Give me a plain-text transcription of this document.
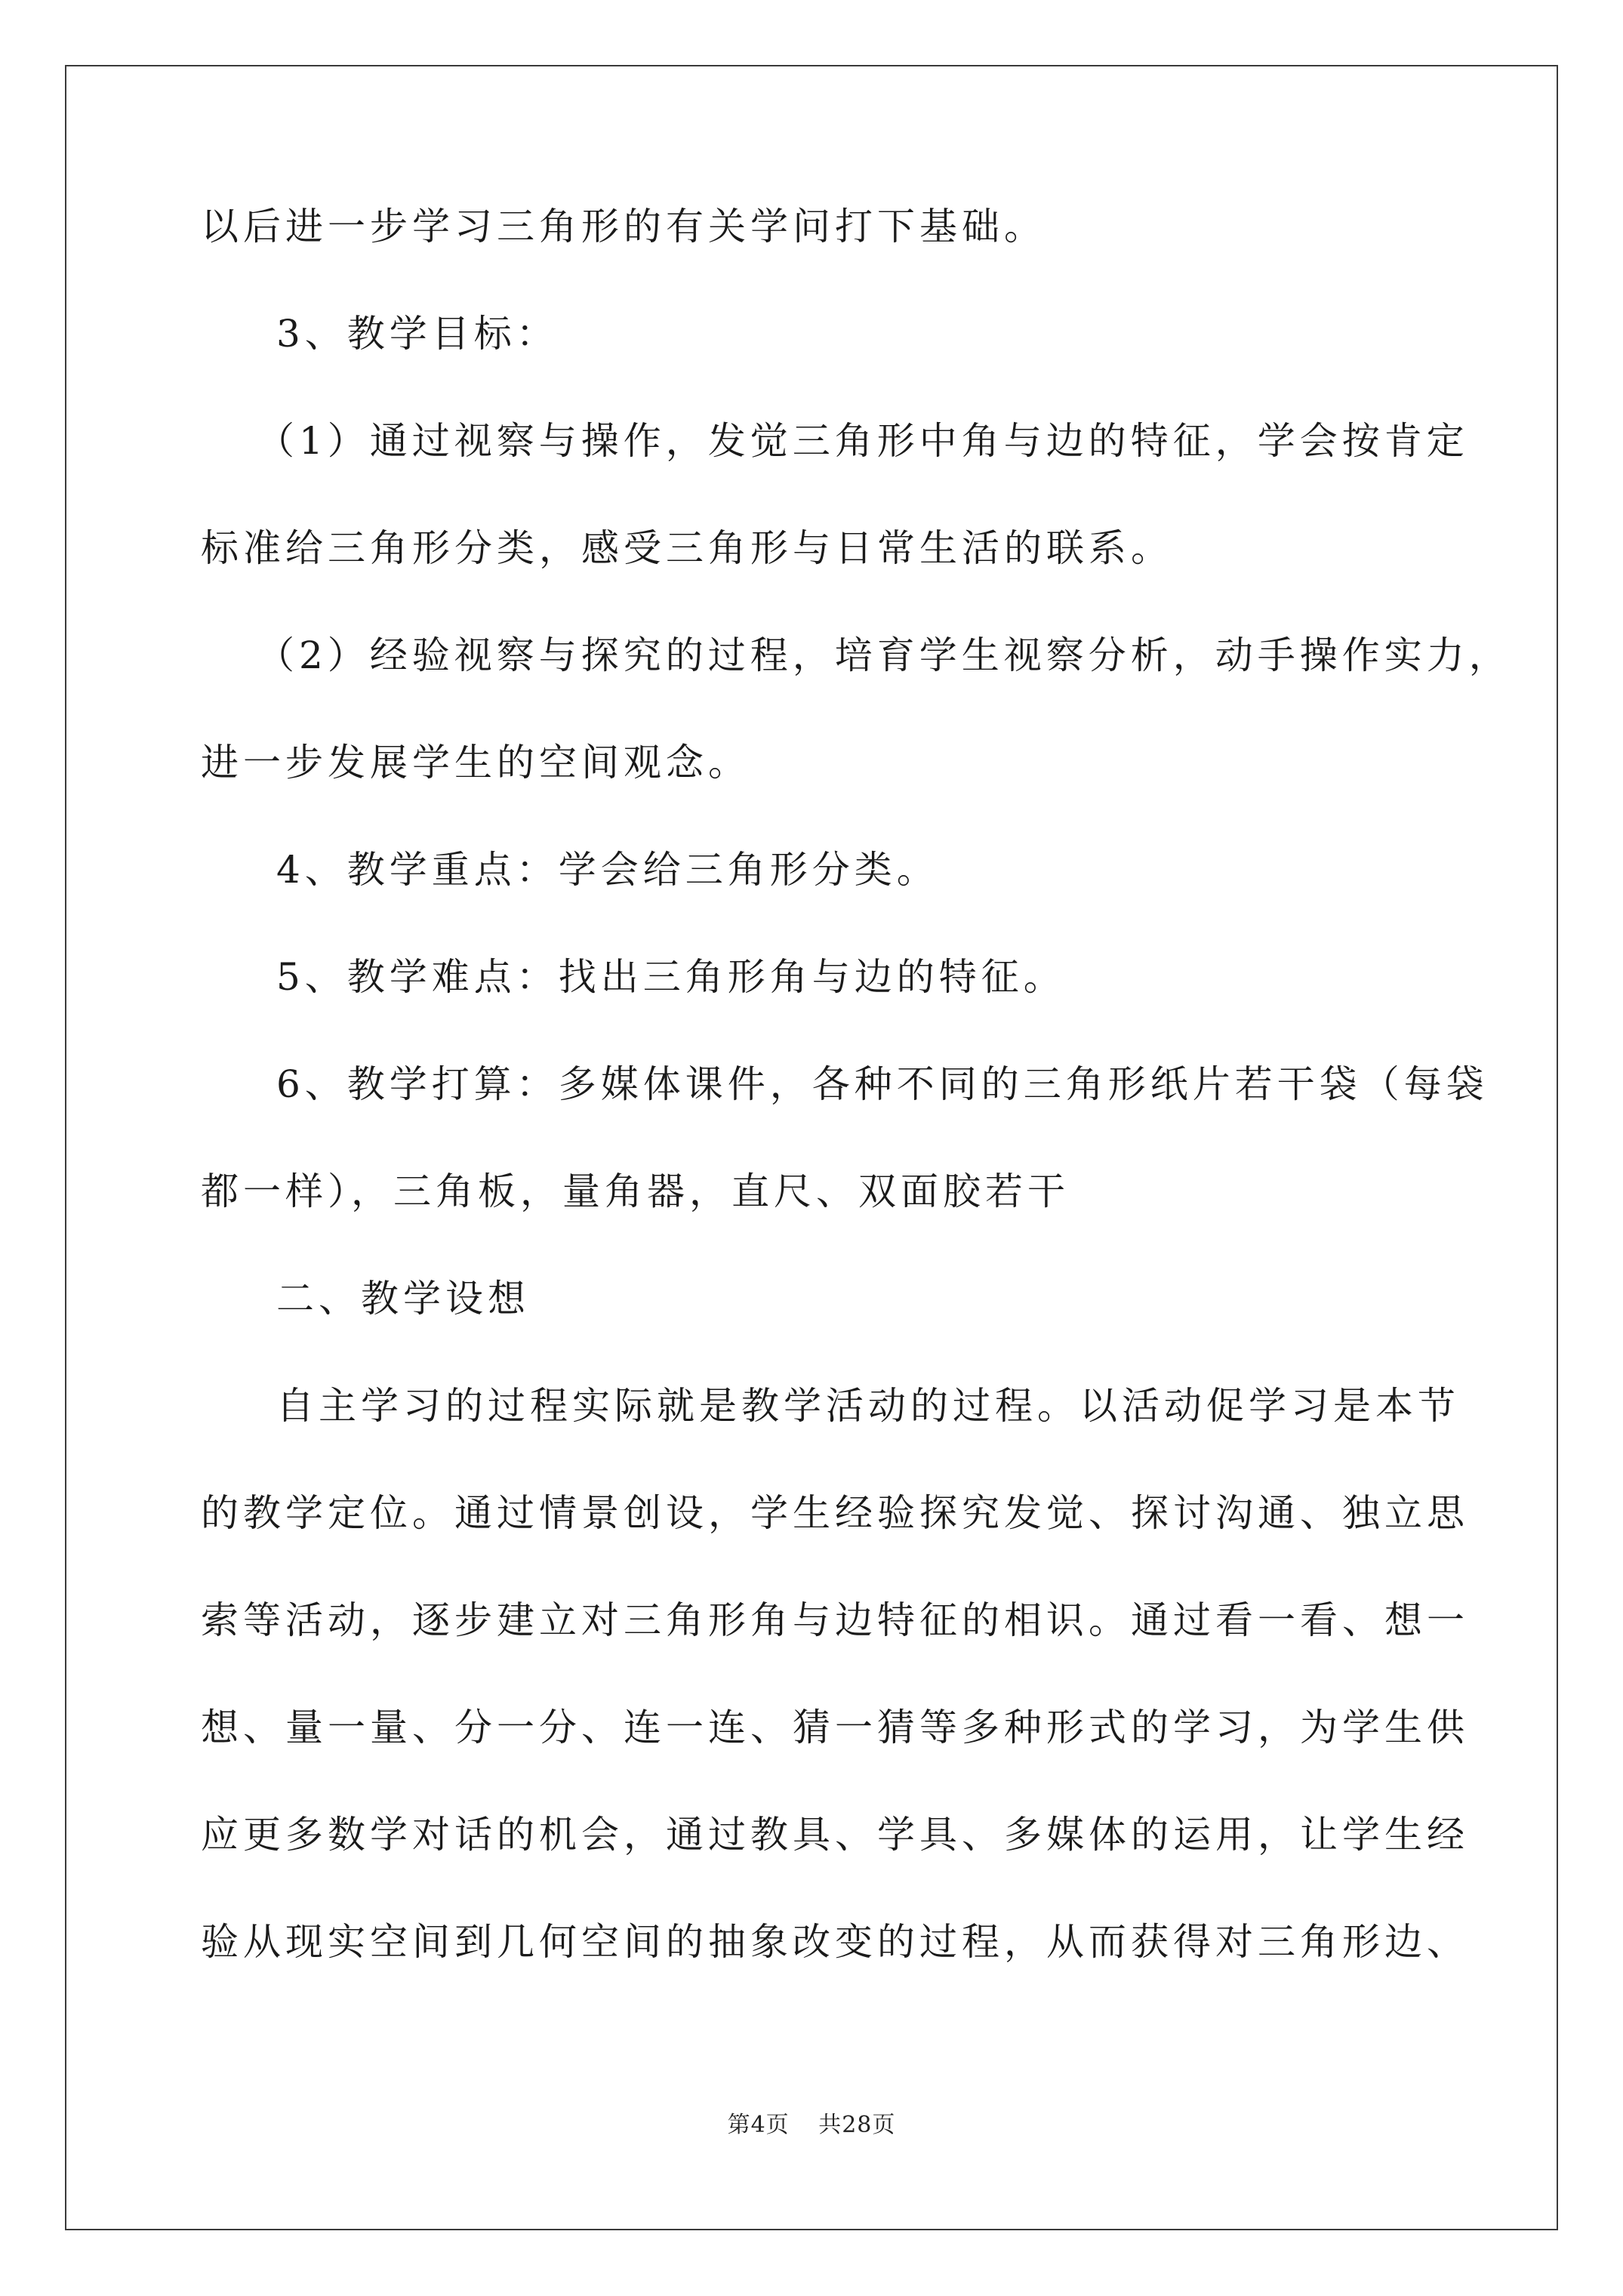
以后进一步学习三角形的有关学问打下基础。
3、教学目标：
（1）通过视察与操作，发觉三角形中角与边的特征，学会按肯定
标准给三角形分类，感受三角形与日常生活的联系。
（2）经验视察与探究的过程，培育学生视察分析，动手操作实力，
进一步发展学生的空间观念。
4、教学重点：学会给三角形分类。
5、教学难点：找出三角形角与边的特征。
6、教学打算：多媒体课件，各种不同的三角形纸片若干袋（每袋
都一样），三角板，量角器，直尺、双面胶若干
二、教学设想
自主学习的过程实际就是教学活动的过程。以活动促学习是本节
的教学定位。通过情景创设，学生经验探究发觉、探讨沟通、独立思
索等活动，逐步建立对三角形角与边特征的相识。通过看一看、想一
想、量一量、分一分、连一连、猜一猜等多种形式的学习，为学生供
应更多数学对话的机会，通过教具、学具、多媒体的运用，让学生经
验从现实空间到几何空间的抽象改变的过程，从而获得对三角形边、
第4页 共28页
